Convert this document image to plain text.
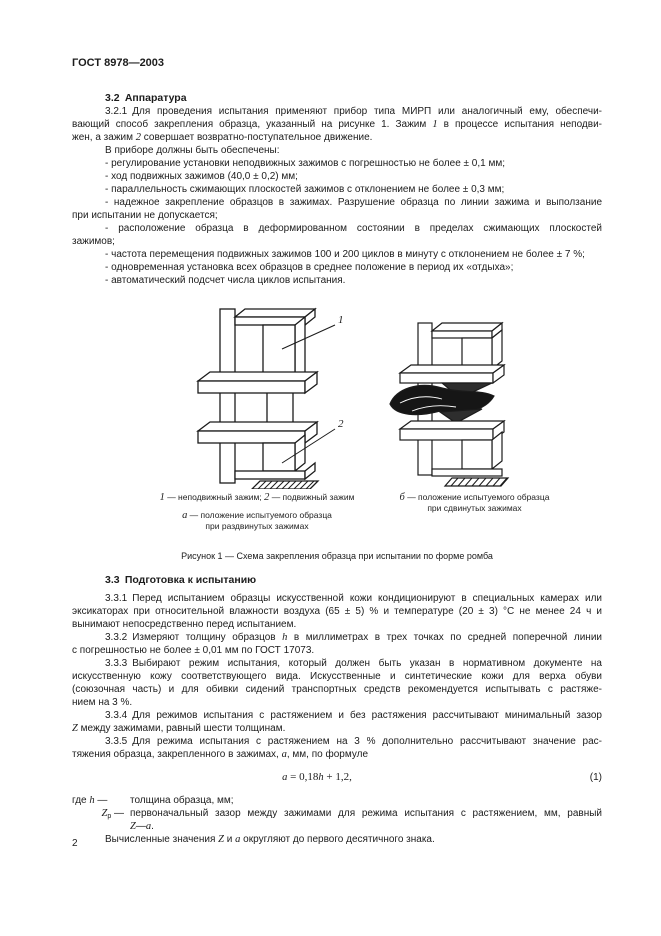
ГОСТ 8978—2003
3.2 Аппаратура
3.2.1 Для проведения испытания применяют прибор типа МИРП или аналогичный ему, обеспечи-
вающий способ закрепления образца, указанный на рисунке 1. Зажим 1 в процессе испытания неподви-
жен, а зажим 2 совершает возвратно-поступательное движение.
В приборе должны быть обеспечены:
- регулирование установки неподвижных зажимов с погрешностью не более ± 0,1 мм;
- ход подвижных зажимов (40,0 ± 0,2) мм;
- параллельность сжимающих плоскостей зажимов с отклонением не более ± 0,3 мм;
- надежное закрепление образцов в зажимах. Разрушение образца по линии зажима и выползание
при испытании не допускается;
- расположение образца в деформированном состоянии в пределах сжимающих плоскостей
зажимов;
- частота перемещения подвижных зажимов 100 и 200 циклов в минуту с отклонением не более ± 7 %;
- одновременная установка всех образцов в среднее положение в период их «отдыха»;
- автоматический подсчет числа циклов испытания.
1
2
1 — неподвижный зажим; 2 — подвижный зажим
а — положение испытуемого образца
при раздвинутых зажимах
б — положение испытуемого образца
при сдвинутых зажимах
Рисунок 1 — Схема закрепления образца при испытании по форме ромба
3.3 Подготовка к испытанию
3.3.1 Перед испытанием образцы искусственной кожи кондиционируют в специальных камерах или
эксикаторах при относительной влажности воздуха (65 ± 5) % и температуре (20 ± 3) °С не менее 24 ч и
вынимают непосредственно перед испытанием.
3.3.2 Измеряют толщину образцов h в миллиметрах в трех точках по средней поперечной линии
с погрешностью не более ± 0,01 мм по ГОСТ 17073.
3.3.3 Выбирают режим испытания, который должен быть указан в нормативном документе на
искусственную кожу соответствующего вида. Искусственные и синтетические кожи для верха обуви
(союзочная часть) и для обивки сидений транспортных средств рекомендуется испытывать с растяже-
нием на 3 %.
3.3.4 Для режимов испытания с растяжением и без растяжения рассчитывают минимальный зазор
Z между зажимами, равный шести толщинам.
3.3.5 Для режима испытания с растяжением на 3 % дополнительно рассчитывают значение рас-
тяжения образца, закрепленного в зажимах, а, мм, по формуле
a = 0,18h + 1,2,	(1)
где h —	толщина образца, мм;
$Z_р$ — первоначальный зазор между зажимами для режима испытания с растяжением, мм, равный
Z—a.
Вычисленные значения Z и а округляют до первого десятичного знака.
2
